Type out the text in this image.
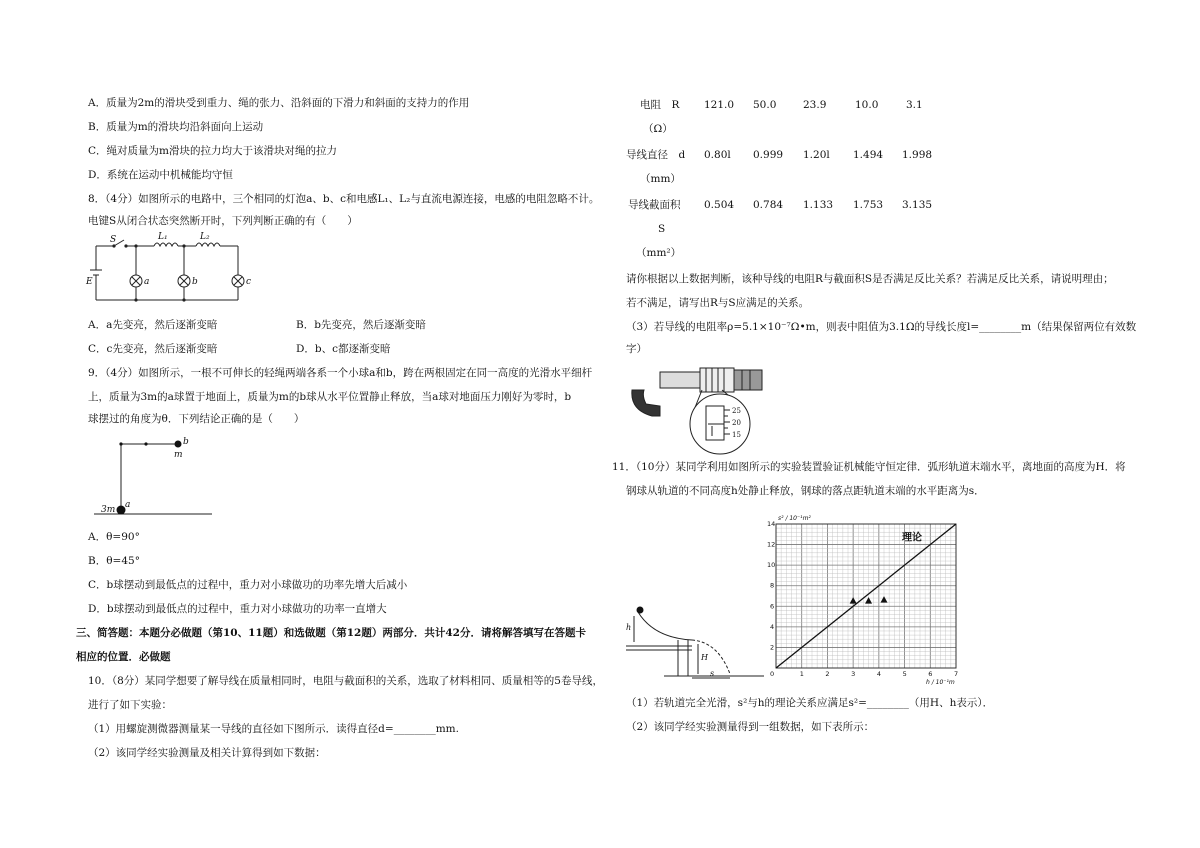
A．质量为2m的滑块受到重力、绳的张力、沿斜面的下滑力和斜面的支持力的作用
B．质量为m的滑块均沿斜面向上运动
C．绳对质量为m滑块的拉力均大于该滑块对绳的拉力
D．系统在运动中机械能均守恒
8．（4分）如图所示的电路中，三个相同的灯泡a、b、c和电感L₁、L₂与直流电源连接，电感的电阻忽略不计。
电键S从闭合状态突然断开时，下列判断正确的有（　　）
S	L₁	L₂
E	a	b	c
A．a先变亮，然后逐渐变暗	B．b先变亮，然后逐渐变暗
C．c先变亮，然后逐渐变暗	D．b、c都逐渐变暗
9．（4分）如图所示，一根不可伸长的轻绳两端各系一个小球a和b，跨在两根固定在同一高度的光滑水平细杆
上，质量为3m的a球置于地面上，质量为m的b球从水平位置静止释放，当a球对地面压力刚好为零时，b
球摆过的角度为θ．下列结论正确的是（　　）
b
m
a
3m
A．θ=90°
B．θ=45°
C．b球摆动到最低点的过程中，重力对小球做功的功率先增大后减小
D．b球摆动到最低点的过程中，重力对小球做功的功率一直增大
三、简答题：本题分必做题（第10、11题）和选做题（第12题）两部分．共计42分．请将解答填写在答题卡
相应的位置．必做题
10．（8分）某同学想要了解导线在质量相同时，电阻与截面积的关系，选取了材料相同、质量相等的5卷导线，
进行了如下实验：
（1）用螺旋测微器测量某一导线的直径如下图所示．读得直径d=________mm.
（2）该同学经实验测量及相关计算得到如下数据：
电阻　R
（Ω）
121.0 50.0	23.9	10.0	3.1
导线直径　d
（mm）
0.80l 0.999 1.20l 1.494 1.998
导线截面积
S
（mm²）
0.504 0.784 1.133 1.753 3.135
请你根据以上数据判断，该种导线的电阻R与截面积S是否满足反比关系？若满足反比关系，请说明理由；
若不满足，请写出R与S应满足的关系。
（3）若导线的电阻率ρ=5.1×10⁻⁷Ω•m，则表中阻值为3.1Ω的导线长度l=________m（结果保留两位有效数
字）
25
20
15
11．（10分）某同学利用如图所示的实验装置验证机械能守恒定律．弧形轨道末端水平，离地面的高度为H．将
钢球从轨道的不同高度h处静止释放，钢球的落点距轨道末端的水平距离为s．
h
H
s	1	2	3	4	5	6	7
2
4
6
8
10
12
14
0
s² / 10⁻¹m²
h / 10⁻¹m
理论
（1）若轨道完全光滑，s²与h的理论关系应满足s²=________（用H、h表示）．
（2）该同学经实验测量得到一组数据，如下表所示：
